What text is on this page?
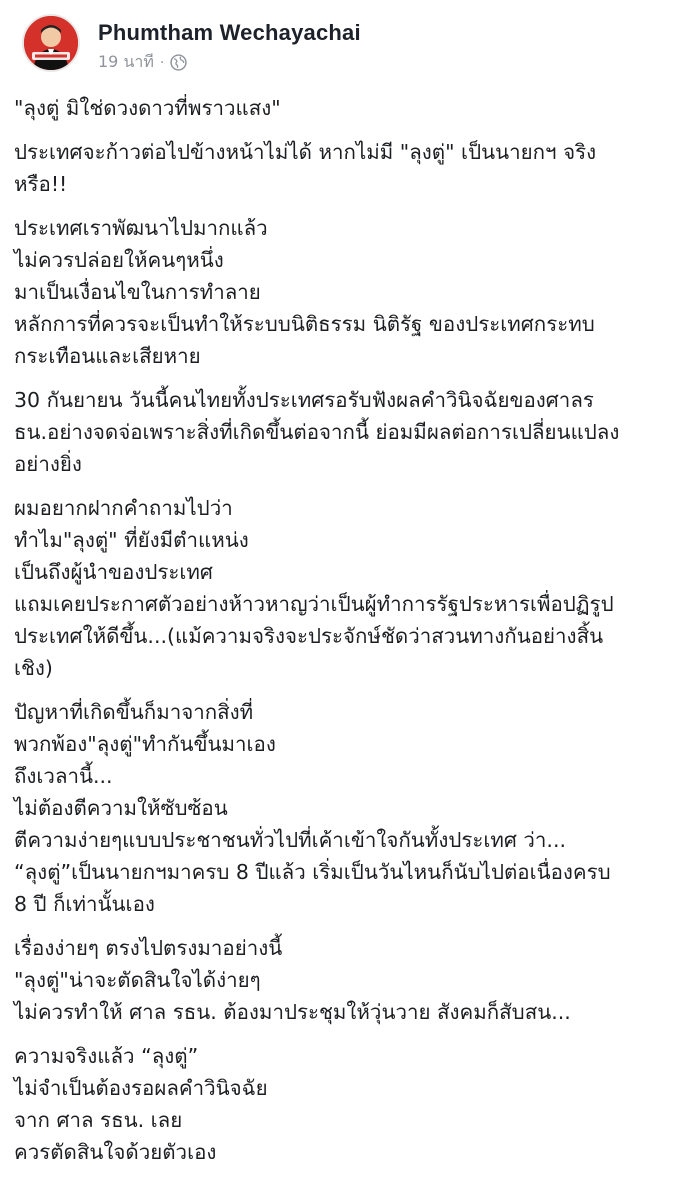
Phumtham Wechayachai
19 นาที ·
"ลุงตู่ มิใช่ดวงดาวที่พราวแสง"
ประเทศจะก้าวต่อไปข้างหน้าไม่ได้ หากไม่มี "ลุงตู่" เป็นนายกฯ จริง
หรือ!!
ประเทศเราพัฒนาไปมากแล้ว
ไม่ควรปล่อยให้คนๆหนึ่ง
มาเป็นเงื่อนไขในการทำลาย
หลักการที่ควรจะเป็นทำให้ระบบนิติธรรม นิติรัฐ ของประเทศกระทบ
กระเทือนและเสียหาย
30 กันยายน วันนี้คนไทยทั้งประเทศรอรับฟังผลคำวินิจฉัยของศาลร
ธน.อย่างจดจ่อเพราะสิ่งที่เกิดขึ้นต่อจากนี้ ย่อมมีผลต่อการเปลี่ยนแปลง
อย่างยิ่ง
ผมอยากฝากคำถามไปว่า
ทำไม"ลุงตู่" ที่ยังมีตำแหน่ง
เป็นถึงผู้นำของประเทศ
แถมเคยประกาศตัวอย่างห้าวหาญว่าเป็นผู้ทำการรัฐประหารเพื่อปฏิรูป
ประเทศให้ดีขึ้น...(แม้ความจริงจะประจักษ์ชัดว่าสวนทางกันอย่างสิ้น
เชิง)
ปัญหาที่เกิดขึ้นก็มาจากสิ่งที่
พวกพ้อง"ลุงตู่"ทำกันขึ้นมาเอง
ถึงเวลานี้...
ไม่ต้องตีความให้ซับซ้อน
ตีความง่ายๆแบบประชาชนทั่วไปที่เค้าเข้าใจกันทั้งประเทศ ว่า...
“ลุงตู่”เป็นนายกฯมาครบ 8 ปีแล้ว เริ่มเป็นวันไหนก็นับไปต่อเนื่องครบ
8 ปี ก็เท่านั้นเอง
เรื่องง่ายๆ ตรงไปตรงมาอย่างนี้
"ลุงตู่"น่าจะตัดสินใจได้ง่ายๆ
ไม่ควรทำให้ ศาล รธน. ต้องมาประชุมให้วุ่นวาย สังคมก็สับสน...
ความจริงแล้ว “ลุงตู่”
ไม่จำเป็นต้องรอผลคำวินิจฉัย
จาก ศาล รธน. เลย
ควรตัดสินใจด้วยตัวเอง
